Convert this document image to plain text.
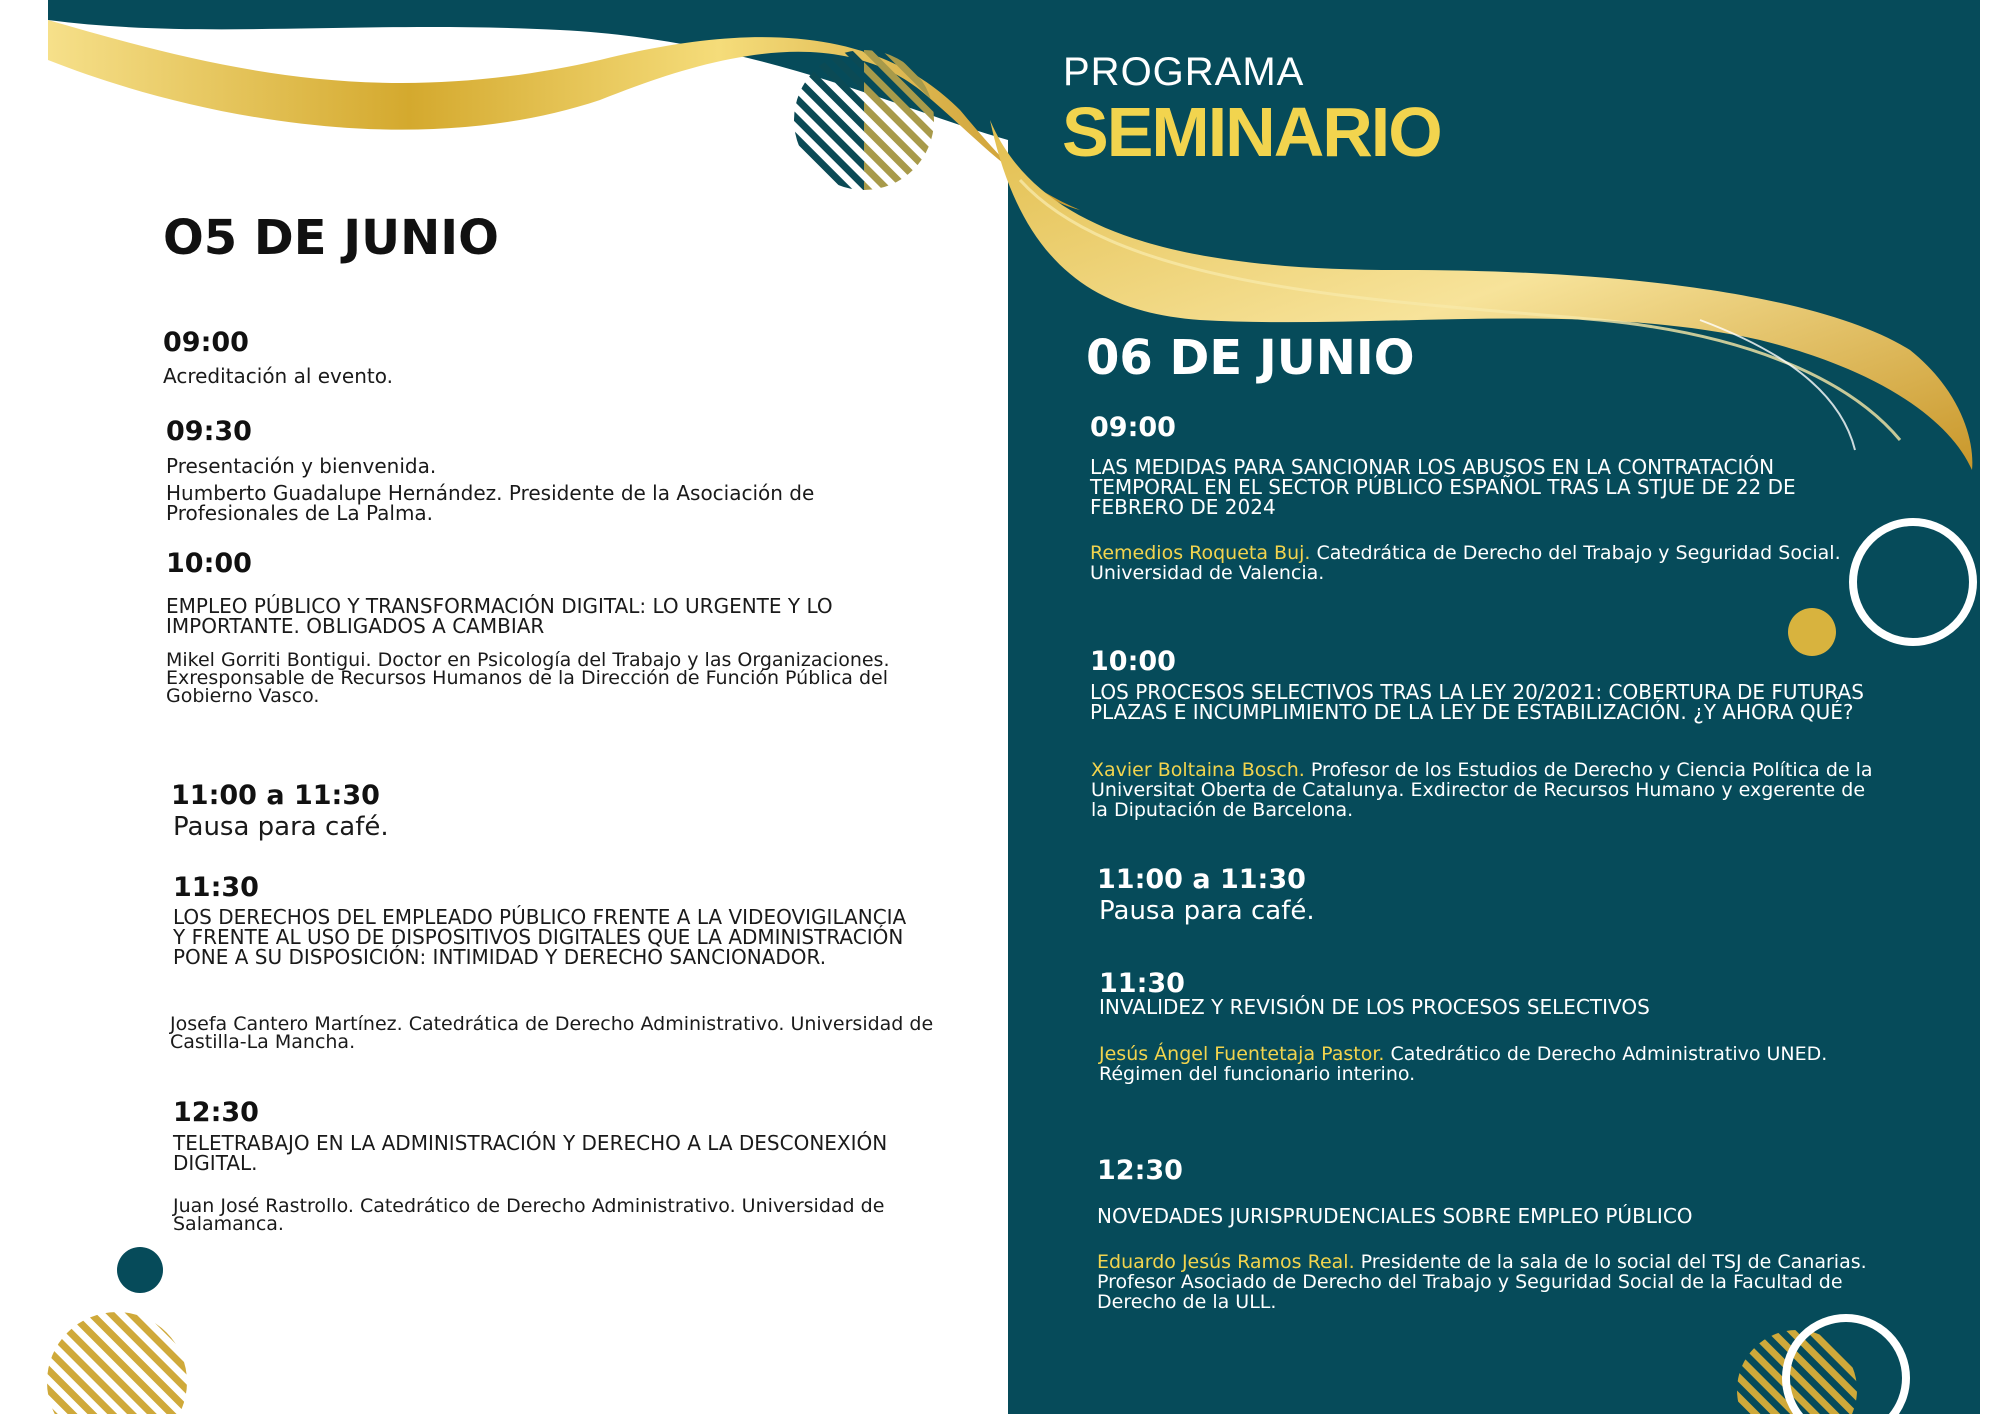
PROGRAMA
SEMINARIO
O5 DE JUNIO
09:00
Acreditación al evento.
09:30
Presentación y bienvenida.
Humberto Guadalupe Hernández. Presidente de la Asociación de Profesionales de La Palma.
10:00
EMPLEO PÚBLICO Y TRANSFORMACIÓN DIGITAL: LO URGENTE Y LO IMPORTANTE. OBLIGADOS A CAMBIAR
Mikel Gorriti Bontigui. Doctor en Psicología del Trabajo y las Organizaciones. Exresponsable de Recursos Humanos de la Dirección de Función Pública del Gobierno Vasco.
11:00 a 11:30
Pausa para café.
11:30
LOS DERECHOS DEL EMPLEADO PÚBLICO FRENTE A LA VIDEOVIGILANCIA Y FRENTE AL USO DE DISPOSITIVOS DIGITALES QUE LA ADMINISTRACIÓN PONE A SU DISPOSICIÓN: INTIMIDAD Y DERECHO SANCIONADOR.
Josefa Cantero Martínez. Catedrática de Derecho Administrativo. Universidad de Castilla-La Mancha.
12:30
TELETRABAJO EN LA ADMINISTRACIÓN Y DERECHO A LA DESCONEXIÓN DIGITAL.
Juan José Rastrollo. Catedrático de Derecho Administrativo. Universidad de Salamanca.
06 DE JUNIO
09:00
LAS MEDIDAS PARA SANCIONAR LOS ABUSOS EN LA CONTRATACIÓN TEMPORAL EN EL SECTOR PÚBLICO ESPAÑOL TRAS LA STJUE DE 22 DE FEBRERO DE 2024
Remedios Roqueta Buj. Catedrática de Derecho del Trabajo y Seguridad Social. Universidad de Valencia.
10:00
LOS PROCESOS SELECTIVOS TRAS LA LEY 20/2021: COBERTURA DE FUTURAS PLAZAS E INCUMPLIMIENTO DE LA LEY DE ESTABILIZACIÓN. ¿Y AHORA QUÉ?
Xavier Boltaina Bosch. Profesor de los Estudios de Derecho y Ciencia Política de la Universitat Oberta de Catalunya. Exdirector de Recursos Humano y exgerente de la Diputación de Barcelona.
11:00 a 11:30
Pausa para café.
11:30
INVALIDEZ Y REVISIÓN DE LOS PROCESOS SELECTIVOS
Jesús Ángel Fuentetaja Pastor. Catedrático de Derecho Administrativo UNED. Régimen del funcionario interino.
12:30
NOVEDADES JURISPRUDENCIALES SOBRE EMPLEO PÚBLICO
Eduardo Jesús Ramos Real. Presidente de la sala de lo social del TSJ de Canarias. Profesor Asociado de Derecho del Trabajo y Seguridad Social de la Facultad de Derecho de la ULL.
